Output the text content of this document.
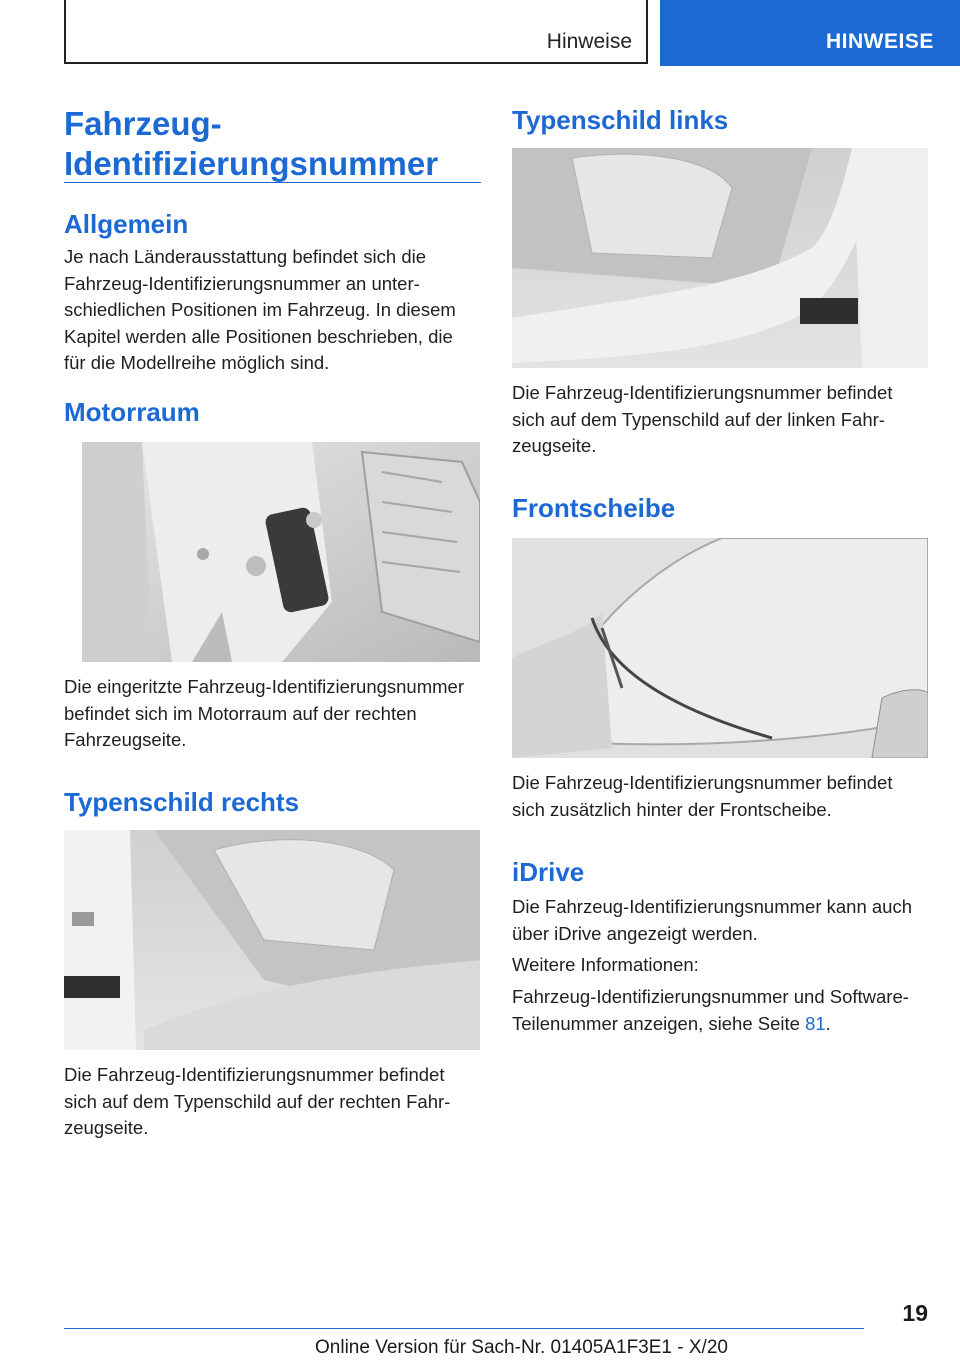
Hinweise	HINWEISE
Fahrzeug-
Identifizierungsnummer
Allgemein

Je nach Länderausstattung befindet sich die
Fahrzeug-Identifizierungsnummer an unter‐
schiedlichen Positionen im Fahrzeug. In diesem
Kapitel werden alle Positionen beschrieben, die
für die Modellreihe möglich sind.

Motorraum

Die eingeritzte Fahrzeug-Identifizierungsnummer
befindet sich im Motorraum auf der rechten
Fahrzeugseite.

Typenschild rechts

Die Fahrzeug-Identifizierungsnummer befindet
sich auf dem Typenschild auf der rechten Fahr‐
zeugseite.

Typenschild links

Die Fahrzeug-Identifizierungsnummer befindet
sich auf dem Typenschild auf der linken Fahr‐
zeugseite.

Frontscheibe

Die Fahrzeug-Identifizierungsnummer befindet
sich zusätzlich hinter der Frontscheibe.

iDrive

Die Fahrzeug-Identifizierungsnummer kann auch
über iDrive angezeigt werden.

Weitere Informationen:

Fahrzeug-Identifizierungsnummer und Software‐
Teilenummer anzeigen, siehe Seite 81.

19
Online Version für Sach-Nr. 01405A1F3E1 - X/20
